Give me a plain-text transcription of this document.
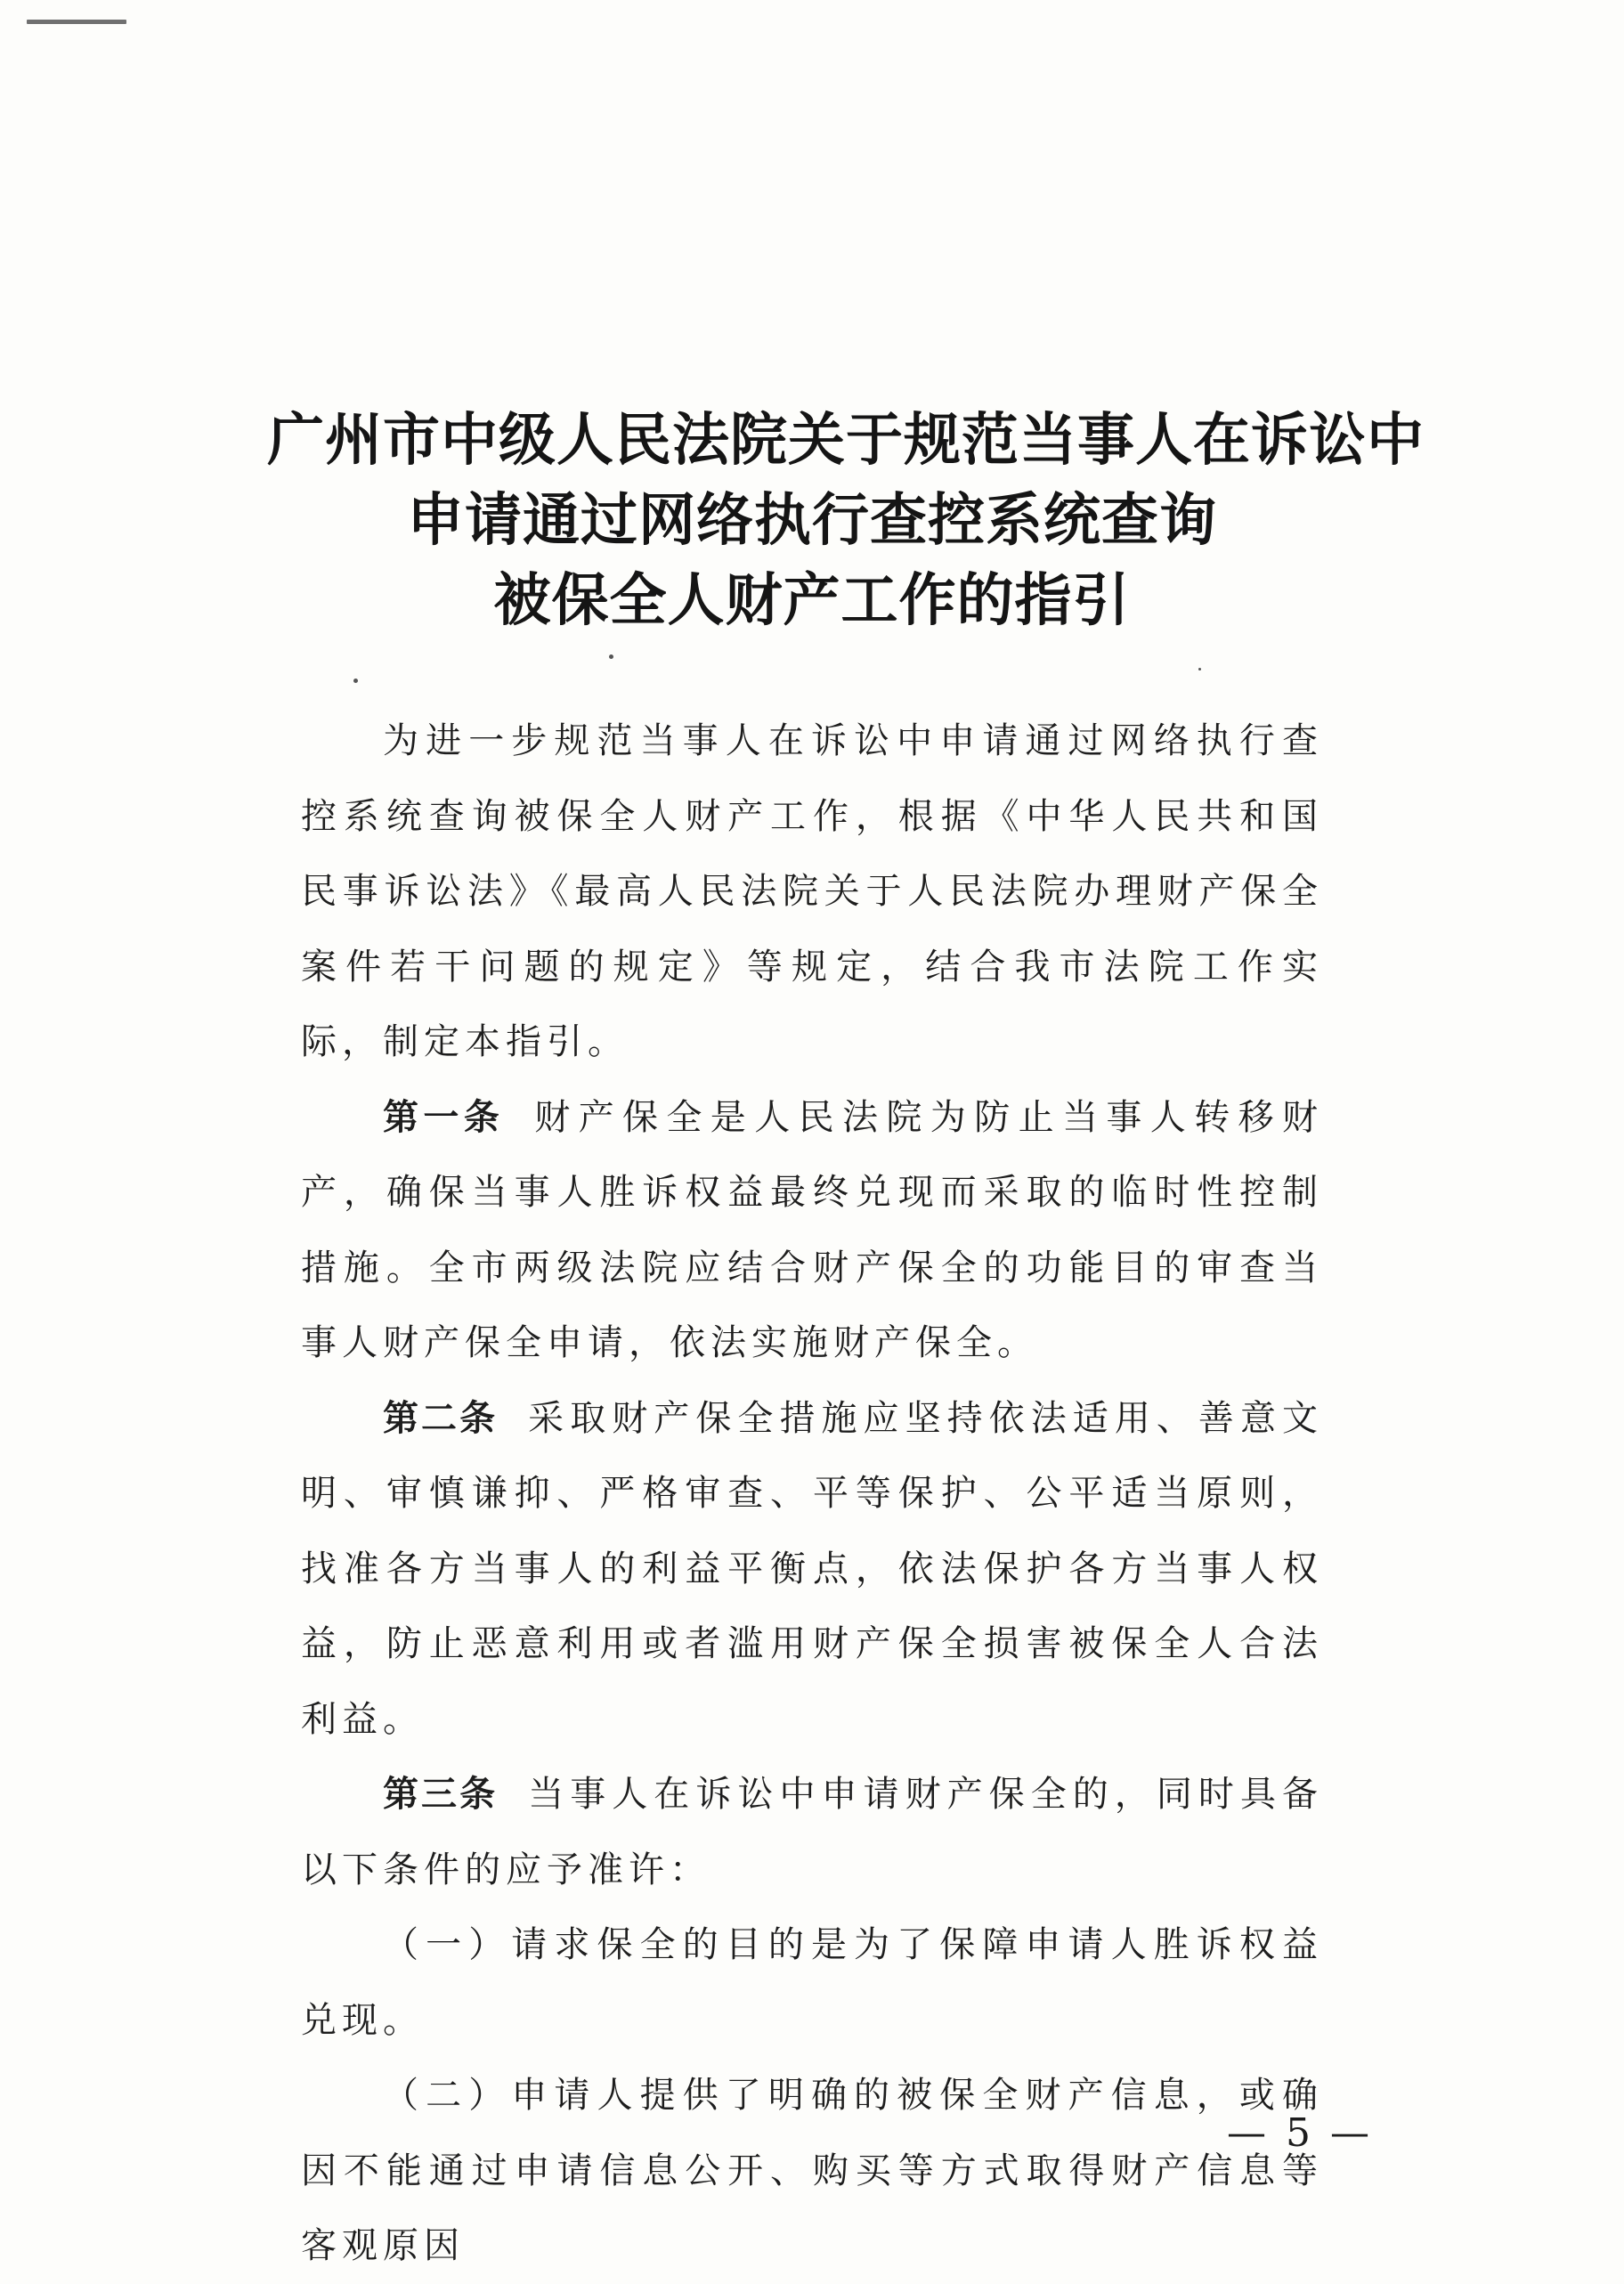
广州市中级人民法院关于规范当事人在诉讼中
申请通过网络执行查控系统查询
被保全人财产工作的指引

为进一步规范当事人在诉讼中申请通过网络执行查控系统查询被保全人财产工作，根据《中华人民共和国民事诉讼法》《最高人民法院关于人民法院办理财产保全案件若干问题的规定》等规定，结合我市法院工作实际，制定本指引。

第一条 财产保全是人民法院为防止当事人转移财产，确保当事人胜诉权益最终兑现而采取的临时性控制措施。全市两级法院应结合财产保全的功能目的审查当事人财产保全申请，依法实施财产保全。

第二条 采取财产保全措施应坚持依法适用、善意文明、审慎谦抑、严格审查、平等保护、公平适当原则，找准各方当事人的利益平衡点，依法保护各方当事人权益，防止恶意利用或者滥用财产保全损害被保全人合法利益。

第三条 当事人在诉讼中申请财产保全的，同时具备以下条件的应予准许：

（一）请求保全的目的是为了保障申请人胜诉权益兑现。

（二）申请人提供了明确的被保全财产信息，或确因不能通过申请信息公开、购买等方式取得财产信息等客观原因

— 5 —
